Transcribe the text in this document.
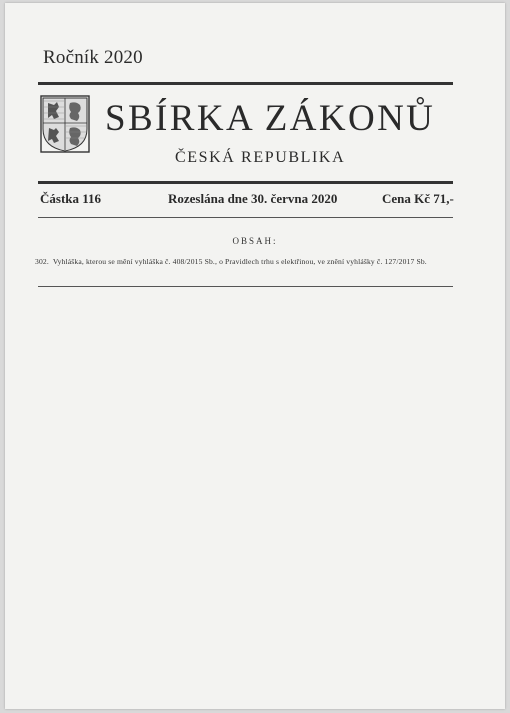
Ročník 2020
SBÍRKA ZÁKONŮ
ČESKÁ REPUBLIKA
Částka 116	Rozeslána dne 30. června 2020	Cena Kč 71,-
OBSAH:
302. Vyhláška, kterou se mění vyhláška č. 408/2015 Sb., o Pravidlech trhu s elektřinou, ve znění vyhlášky č. 127/2017 Sb.
